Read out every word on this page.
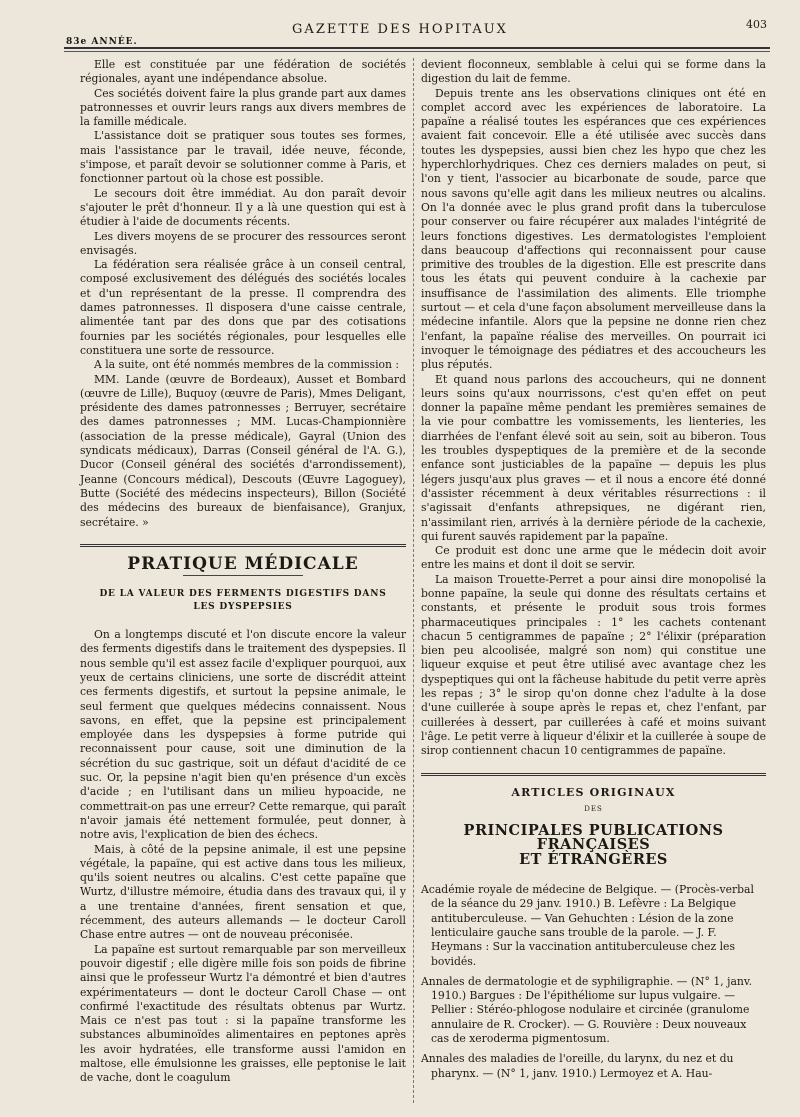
83e ANNÉE.
GAZETTE DES HOPITAUX	403

Elle est constituée par une fédération de sociétés régionales, ayant une indépendance absolue.

Ces sociétés doivent faire la plus grande part aux dames patronnesses et ouvrir leurs rangs aux divers membres de la famille médicale.

L'assistance doit se pratiquer sous toutes ses formes, mais l'assistance par le travail, idée neuve, féconde, s'impose, et paraît devoir se solutionner comme à Paris, et fonctionner partout où la chose est possible.

Le secours doit être immédiat. Au don paraît devoir s'ajouter le prêt d'honneur. Il y a là une question qui est à étudier à l'aide de documents récents.

Les divers moyens de se procurer des ressources seront envisagés.

La fédération sera réalisée grâce à un conseil central, composé exclusivement des délégués des sociétés locales et d'un représentant de la presse. Il comprendra des dames patronnesses. Il disposera d'une caisse centrale, alimentée tant par des dons que par des cotisations fournies par les sociétés régionales, pour lesquelles elle constituera une sorte de ressource.

A la suite, ont été nommés membres de la commission :

MM. Lande (œuvre de Bordeaux), Ausset et Bombard (œuvre de Lille), Buquoy (œuvre de Paris), Mmes Deligant, présidente des dames patronnesses ; Berruyer, secrétaire des dames patronnesses ; MM. Lucas-Championnière (association de la presse médicale), Gayral (Union des syndicats médicaux), Darras (Conseil général de l'A. G.), Ducor (Conseil général des sociétés d'arrondissement), Jeanne (Concours médical), Descouts (Œuvre Lagoguey), Butte (Société des médecins inspecteurs), Billon (Société des médecins des bureaux de bienfaisance), Granjux, secrétaire. »

PRATIQUE MÉDICALE
DE LA VALEUR DES FERMENTS DIGESTIFS DANS
LES DYSPEPSIES

On a longtemps discuté et l'on discute encore la valeur des ferments digestifs dans le traitement des dyspepsies. Il nous semble qu'il est assez facile d'expliquer pourquoi, aux yeux de certains cliniciens, une sorte de discrédit atteint ces ferments digestifs, et surtout la pepsine animale, le seul ferment que quelques médecins connaissent. Nous savons, en effet, que la pepsine est principalement employée dans les dyspepsies à forme putride qui reconnaissent pour cause, soit une diminution de la sécrétion du suc gastrique, soit un défaut d'acidité de ce suc. Or, la pepsine n'agit bien qu'en présence d'un excès d'acide ; en l'utilisant dans un milieu hypoacide, ne commettrait-on pas une erreur? Cette remarque, qui paraît n'avoir jamais été nettement formulée, peut donner, à notre avis, l'explication de bien des échecs.

Mais, à côté de la pepsine animale, il est une pepsine végétale, la papaïne, qui est active dans tous les milieux, qu'ils soient neutres ou alcalins. C'est cette papaïne que Wurtz, d'illustre mémoire, étudia dans des travaux qui, il y a une trentaine d'années, firent sensation et que, récemment, des auteurs allemands — le docteur Caroll Chase entre autres — ont de nouveau préconisée.

La papaïne est surtout remarquable par son merveilleux pouvoir digestif ; elle digère mille fois son poids de fibrine ainsi que le professeur Wurtz l'a démontré et bien d'autres expérimentateurs — dont le docteur Caroll Chase — ont confirmé l'exactitude des résultats obtenus par Wurtz. Mais ce n'est pas tout : si la papaïne transforme les substances albuminoïdes alimentaires en peptones après les avoir hydratées, elle transforme aussi l'amidon en maltose, elle émulsionne les graisses, elle peptonise le lait de vache, dont le coagulum

devient floconneux, semblable à celui qui se forme dans la digestion du lait de femme.

Depuis trente ans les observations cliniques ont été en complet accord avec les expériences de laboratoire. La papaïne a réalisé toutes les espérances que ces expériences avaient fait concevoir. Elle a été utilisée avec succès dans toutes les dyspepsies, aussi bien chez les hypo que chez les hyperchlorhydriques. Chez ces derniers malades on peut, si l'on y tient, l'associer au bicarbonate de soude, parce que nous savons qu'elle agit dans les milieux neutres ou alcalins. On l'a donnée avec le plus grand profit dans la tuberculose pour conserver ou faire récupérer aux malades l'intégrité de leurs fonctions digestives. Les dermatologistes l'emploient dans beaucoup d'affections qui reconnaissent pour cause primitive des troubles de la digestion. Elle est prescrite dans tous les états qui peuvent conduire à la cachexie par insuffisance de l'assimilation des aliments. Elle triomphe surtout — et cela d'une façon absolument merveilleuse dans la médecine infantile. Alors que la pepsine ne donne rien chez l'enfant, la papaïne réalise des merveilles. On pourrait ici invoquer le témoignage des pédiatres et des accoucheurs les plus réputés.

Et quand nous parlons des accoucheurs, qui ne donnent leurs soins qu'aux nourrissons, c'est qu'en effet on peut donner la papaïne même pendant les premières semaines de la vie pour combattre les vomissements, les lienteries, les diarrhées de l'enfant élevé soit au sein, soit au biberon. Tous les troubles dyspeptiques de la première et de la seconde enfance sont justiciables de la papaïne — depuis les plus légers jusqu'aux plus graves — et il nous a encore été donné d'assister récemment à deux véritables résurrections : il s'agissait d'enfants athrepsiques, ne digérant rien, n'assimilant rien, arrivés à la dernière période de la cachexie, qui furent sauvés rapidement par la papaïne.

Ce produit est donc une arme que le médecin doit avoir entre les mains et dont il doit se servir.

La maison Trouette-Perret a pour ainsi dire monopolisé la bonne papaïne, la seule qui donne des résultats certains et constants, et présente le produit sous trois formes pharmaceutiques principales : 1° les cachets contenant chacun 5 centigrammes de papaïne ; 2° l'élixir (préparation bien peu alcoolisée, malgré son nom) qui constitue une liqueur exquise et peut être utilisé avec avantage chez les dyspeptiques qui ont la fâcheuse habitude du petit verre après les repas ; 3° le sirop qu'on donne chez l'adulte à la dose d'une cuillerée à soupe après le repas et, chez l'enfant, par cuillerées à dessert, par cuillerées à café et moins suivant l'âge. Le petit verre à liqueur d'élixir et la cuillerée à soupe de sirop contiennent chacun 10 centigrammes de papaïne.

ARTICLES ORIGINAUX
DES
PRINCIPALES PUBLICATIONS FRANÇAISES
ET ÉTRANGÈRES

Académie royale de médecine de Belgique. — (Procès-verbal de la séance du 29 janv. 1910.) B. Lefèvre : La Belgique antituberculeuse. — Van Gehuchten : Lésion de la zone lenticulaire gauche sans trouble de la parole. — J. F. Heymans : Sur la vaccination antituberculeuse chez les bovidés.

Annales de dermatologie et de syphiligraphie. — (N° 1, janv. 1910.) Bargues : De l'épithéliome sur lupus vulgaire. — Pellier : Stéréo-phlogose nodulaire et circinée (granulome annulaire de R. Crocker). — G. Rouvière : Deux nouveaux cas de xeroderma pigmentosum.

Annales des maladies de l'oreille, du larynx, du nez et du pharynx. — (N° 1, janv. 1910.) Lermoyez et A. Hau-
